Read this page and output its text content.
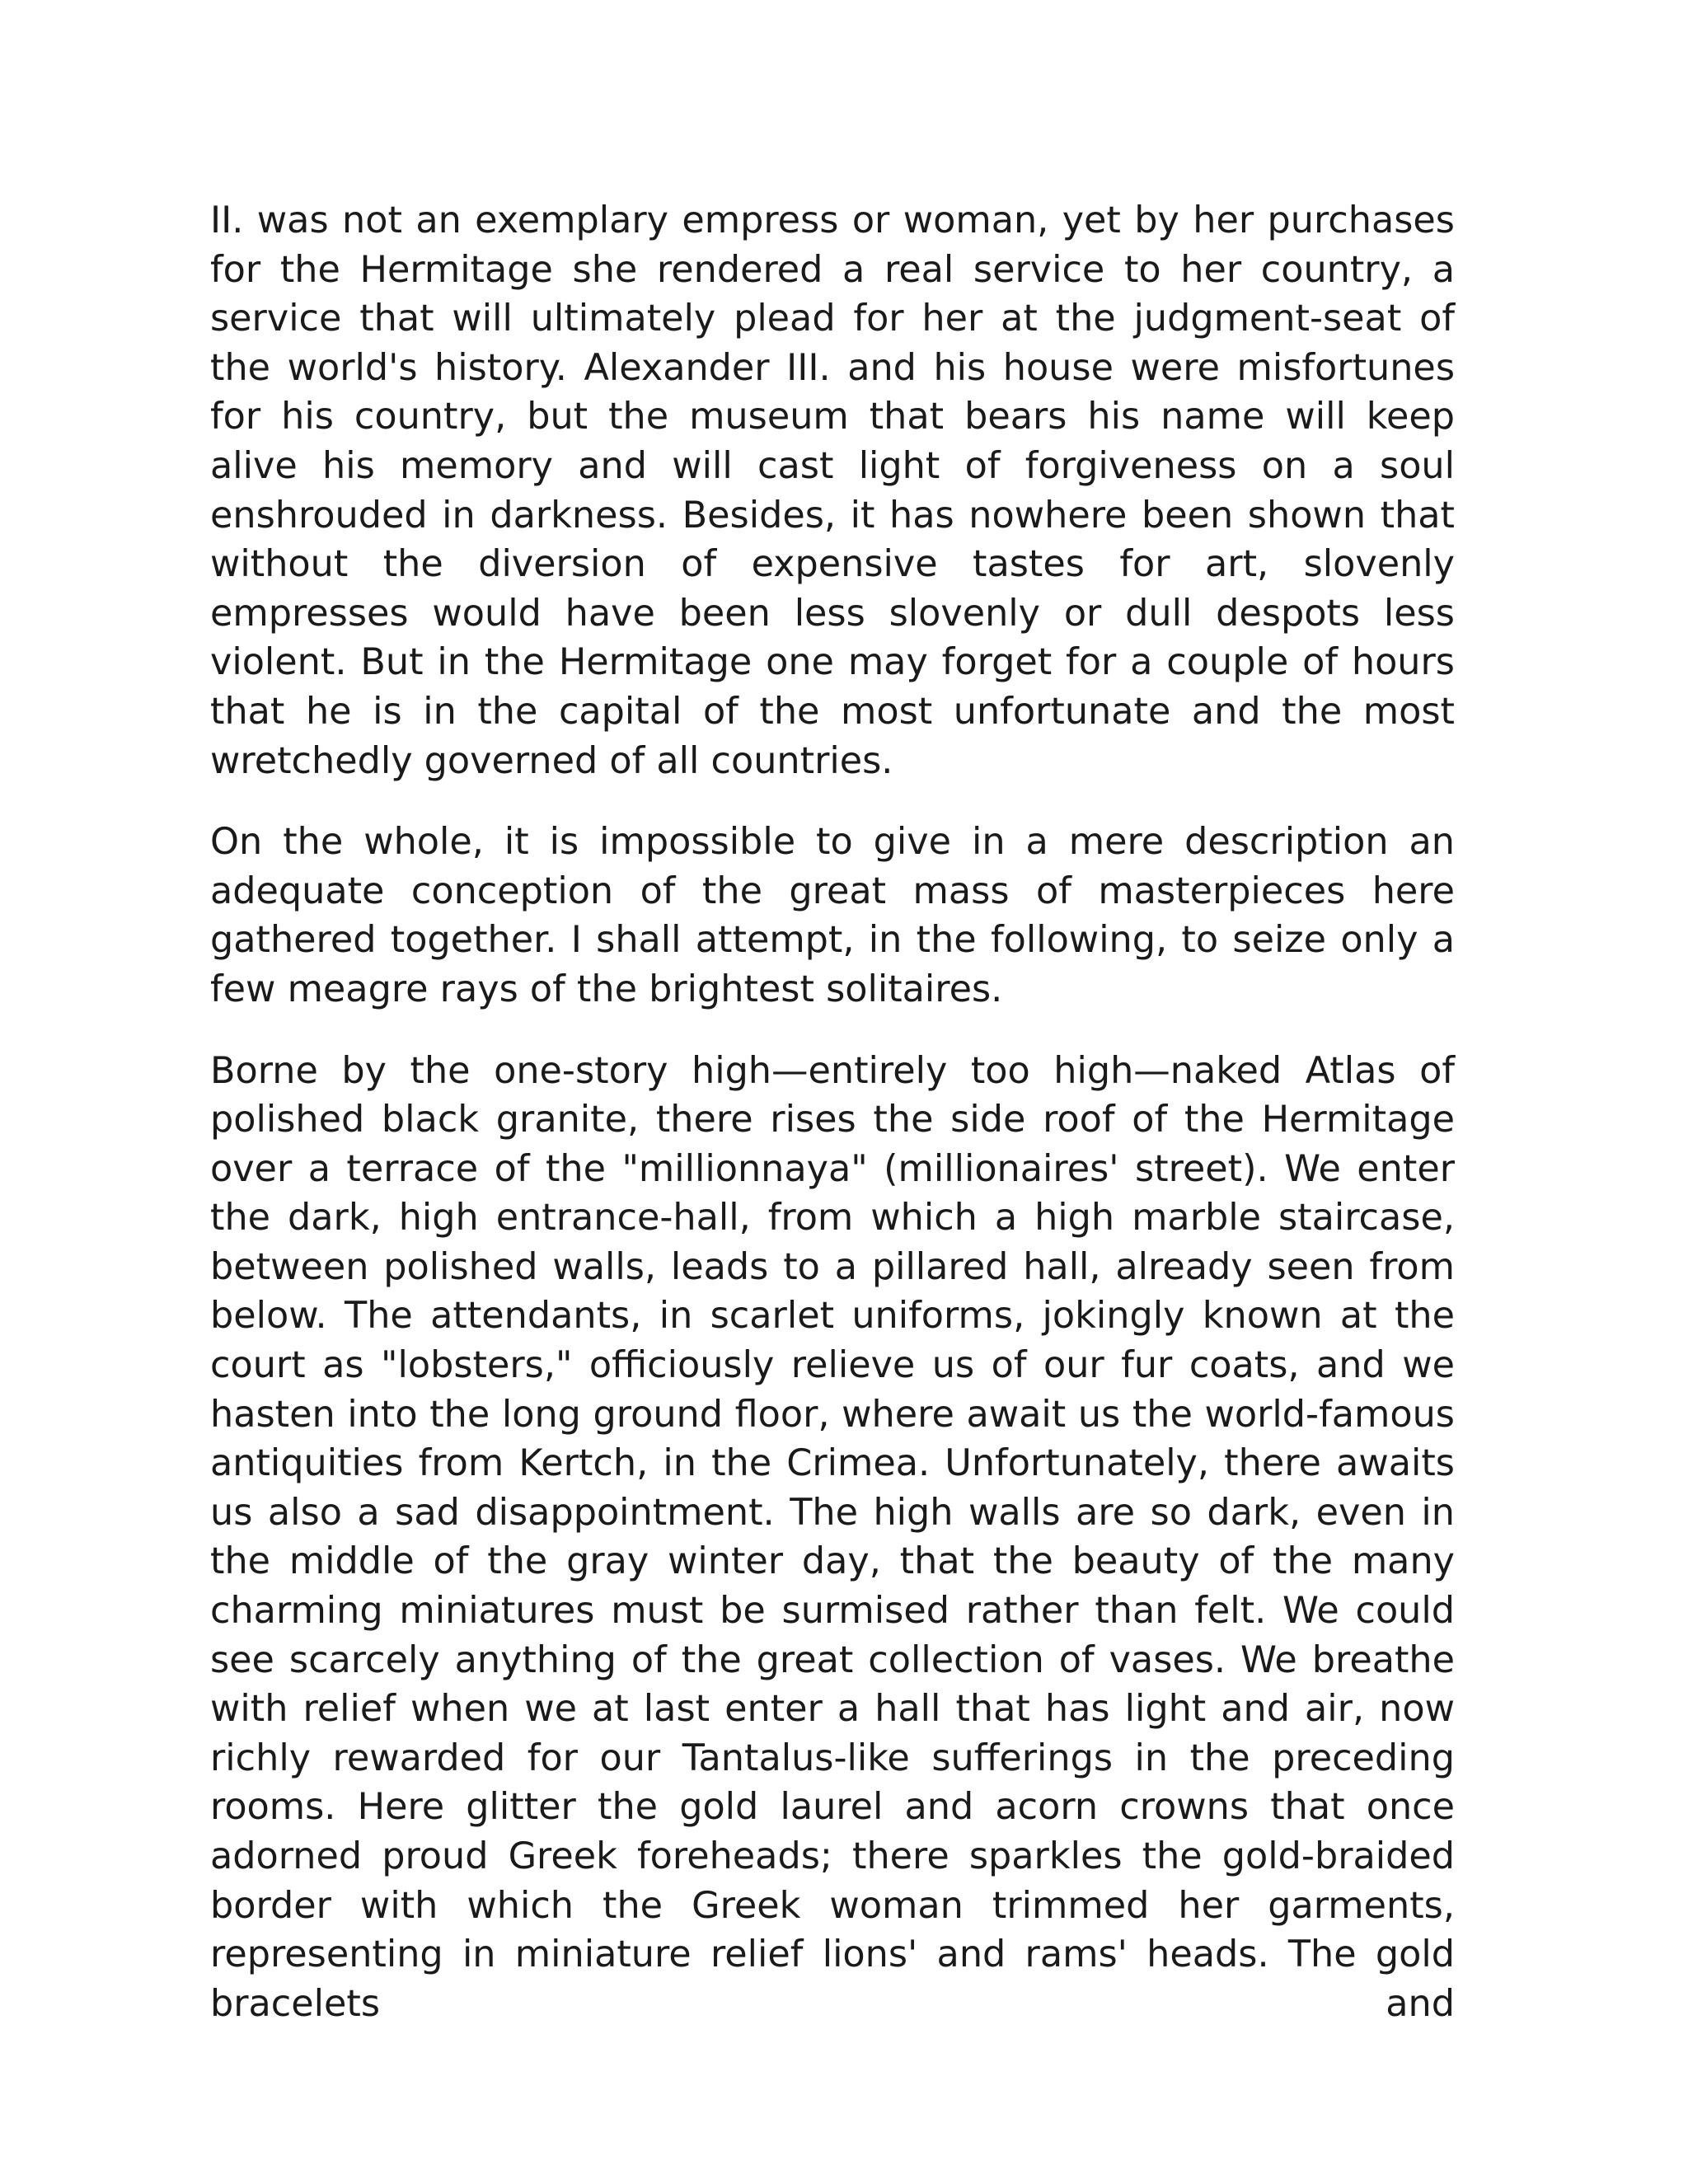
II. was not an exemplary empress or woman, yet by her purchases for the Hermitage she rendered a real service to her country, a service that will ultimately plead for her at the judgment-seat of the world's history. Alexander III. and his house were misfortunes for his country, but the museum that bears his name will keep alive his memory and will cast light of forgiveness on a soul enshrouded in darkness. Besides, it has nowhere been shown that without the diversion of expensive tastes for art, slovenly empresses would have been less slovenly or dull despots less violent. But in the Hermitage one may forget for a couple of hours that he is in the capital of the most unfortunate and the most wretchedly governed of all countries.

On the whole, it is impossible to give in a mere description an adequate conception of the great mass of masterpieces here gathered together. I shall attempt, in the following, to seize only a few meagre rays of the brightest solitaires.

Borne by the one-story high—entirely too high—naked Atlas of polished black granite, there rises the side roof of the Hermitage over a terrace of the "millionnaya" (millionaires' street). We enter the dark, high entrance-hall, from which a high marble staircase, between polished walls, leads to a pillared hall, already seen from below. The attendants, in scarlet uniforms, jokingly known at the court as "lobsters," officiously relieve us of our fur coats, and we hasten into the long ground floor, where await us the world-famous antiquities from Kertch, in the Crimea. Unfortunately, there awaits us also a sad disappointment. The high walls are so dark, even in the middle of the gray winter day, that the beauty of the many charming miniatures must be surmised rather than felt. We could see scarcely anything of the great collection of vases. We breathe with relief when we at last enter a hall that has light and air, now richly rewarded for our Tantalus-like sufferings in the preceding rooms. Here glitter the gold laurel and acorn crowns that once adorned proud Greek foreheads; there sparkles the gold-braided border with which the Greek woman trimmed her garments, representing in miniature relief lions' and rams' heads. The gold bracelets and
